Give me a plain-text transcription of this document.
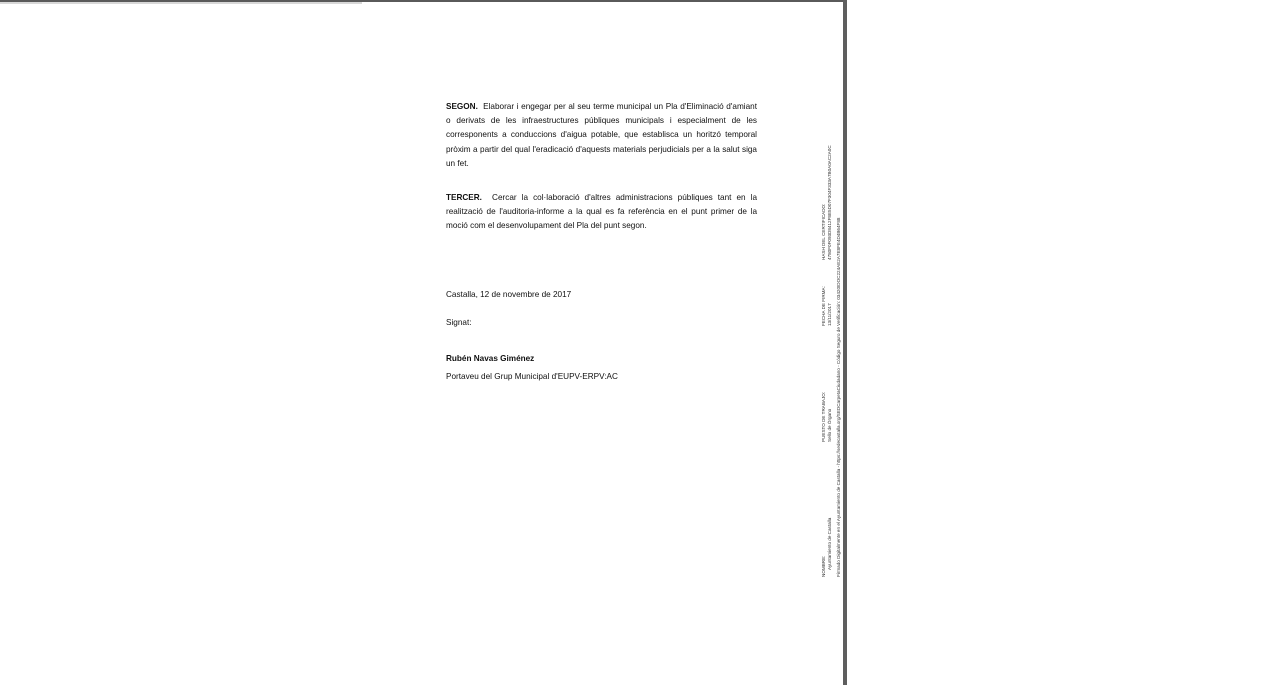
SEGON. Elaborar i engegar per al seu terme municipal un Pla d'Eliminació d'amiant o derivats de les infraestructures públiques municipals i especialment de les corresponents a conduccions d'aigua potable, que establisca un horitzó temporal pròxim a partir del qual l'eradicació d'aquests materials perjudicials per a la salut siga un fet.

TERCER. Cercar la col·laboració d'altres administracions públiques tant en la realització de l'auditoria-informe a la qual es fa referència en el punt primer de la moció com el desenvolupament del Pla del punt segon.

Castalla, 12 de novembre de 2017
Signat:
Rubén Navas Giménez
Portaveu del Grup Municipal d'EUPV-ERPV:AC
NOMBRE:
PUESTO DE TRABAJO:
FECHA DE FIRMA:
HASH DEL CERTIFICADO:
Ayuntamiento de Castalla
Sello de Órgano
13/11/2017
4780F0F093D8412F8E5D07F304F333A7B0A0AC2A0C
Firmado Digitalmente en el Ayuntamiento de Castalla - https://sedecastalla.org/SEDCarpetaCiudadano - Código Seguro de Verificación: 03420IDOC224AE2A7E8FE4D4B64F88
